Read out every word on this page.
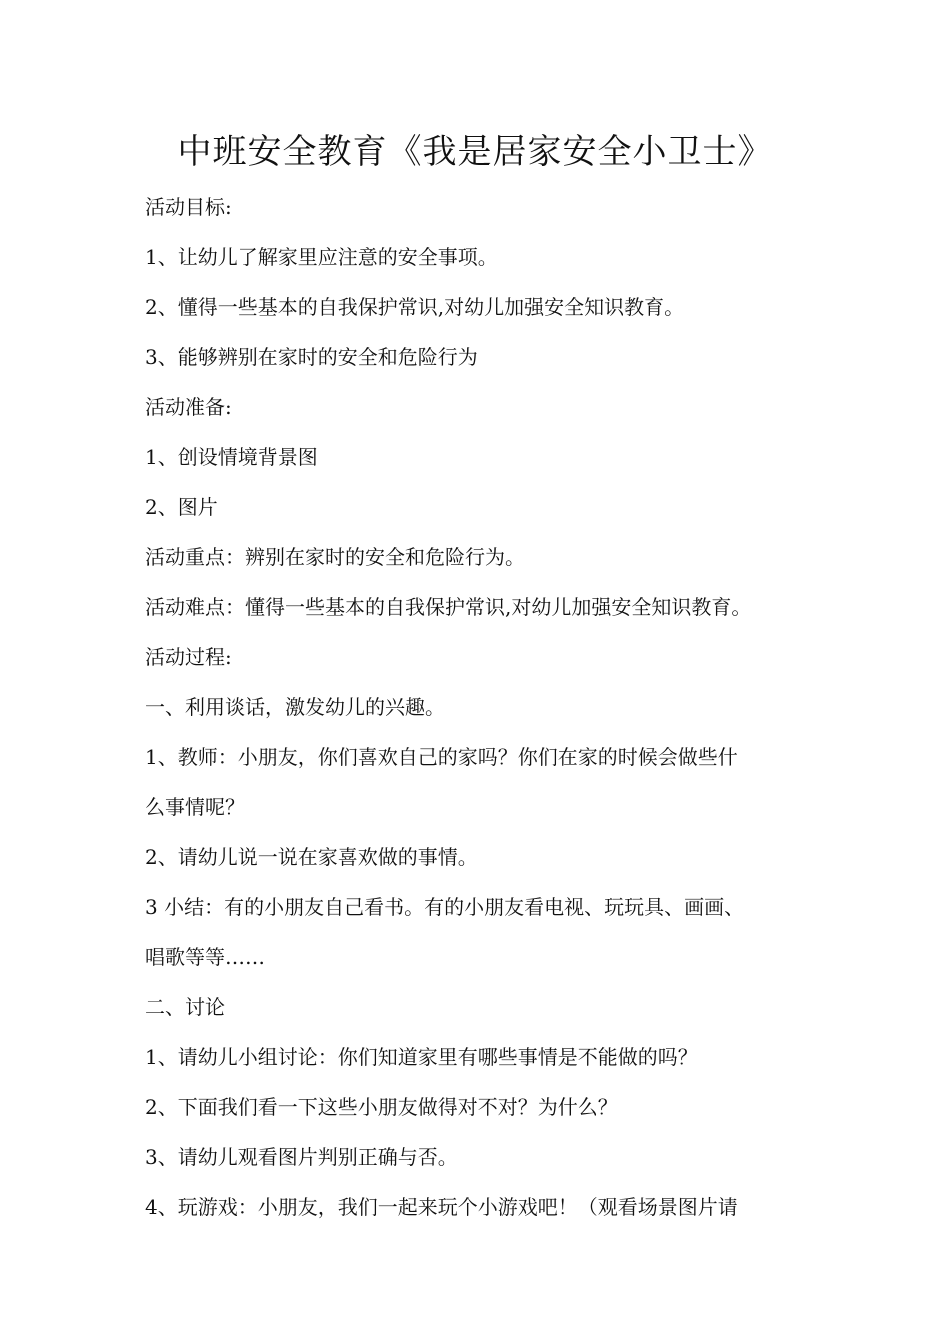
中班安全教育《我是居家安全小卫士》

活动目标:

1、让幼儿了解家里应注意的安全事项。

2、懂得一些基本的自我保护常识,对幼儿加强安全知识教育。

3、能够辨别在家时的安全和危险行为

活动准备:

1、创设情境背景图

2、图片

活动重点：辨别在家时的安全和危险行为。

活动难点：懂得一些基本的自我保护常识,对幼儿加强安全知识教育。

活动过程:

一、利用谈话，激发幼儿的兴趣。

1、教师：小朋友，你们喜欢自己的家吗？你们在家的时候会做些什

么事情呢？

2、请幼儿说一说在家喜欢做的事情。

3 小结：有的小朋友自己看书。有的小朋友看电视、玩玩具、画画、

唱歌等等……

二、讨论

1、请幼儿小组讨论：你们知道家里有哪些事情是不能做的吗？

2、下面我们看一下这些小朋友做得对不对？为什么？

3、请幼儿观看图片判别正确与否。

4、玩游戏：小朋友，我们一起来玩个小游戏吧！（观看场景图片请
